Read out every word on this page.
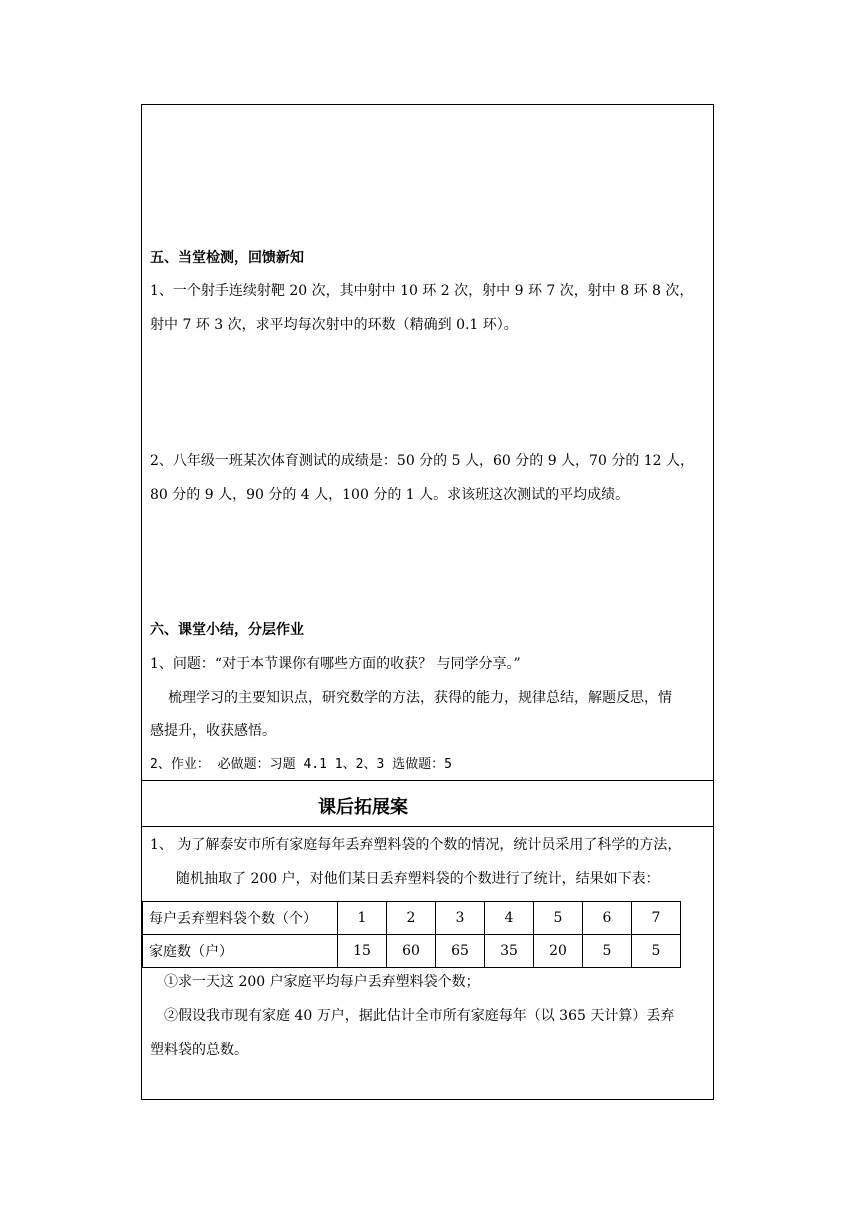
五、当堂检测，回馈新知
1、一个射手连续射靶 20 次，其中射中 10 环 2 次，射中 9 环 7 次，射中 8 环 8 次，
射中 7 环 3 次，求平均每次射中的环数（精确到 0.1 环）。
2、八年级一班某次体育测试的成绩是：50 分的 5 人，60 分的 9 人，70 分的 12 人，
80 分的 9 人，90 分的 4 人，100 分的 1 人。求该班这次测试的平均成绩。
六、课堂小结，分层作业
1、问题：“对于本节课你有哪些方面的收获？ 与同学分享。”
梳理学习的主要知识点，研究数学的方法，获得的能力，规律总结，解题反思，情
感提升，收获感悟。
2、作业： 必做题：习题 4.1 1、2、3 选做题：5
课后拓展案
1、 为了解泰安市所有家庭每年丢弃塑料袋的个数的情况，统计员采用了科学的方法，
随机抽取了 200 户，对他们某日丢弃塑料袋的个数进行了统计，结果如下表：
每户丢弃塑料袋个数（个）	1	2	3	4	5	6	7
家庭数（户）	15	60	65	35	20	5	5
①求一天这 200 户家庭平均每户丢弃塑料袋个数；
②假设我市现有家庭 40 万户，据此估计全市所有家庭每年（以 365 天计算）丢弃
塑料袋的总数。
